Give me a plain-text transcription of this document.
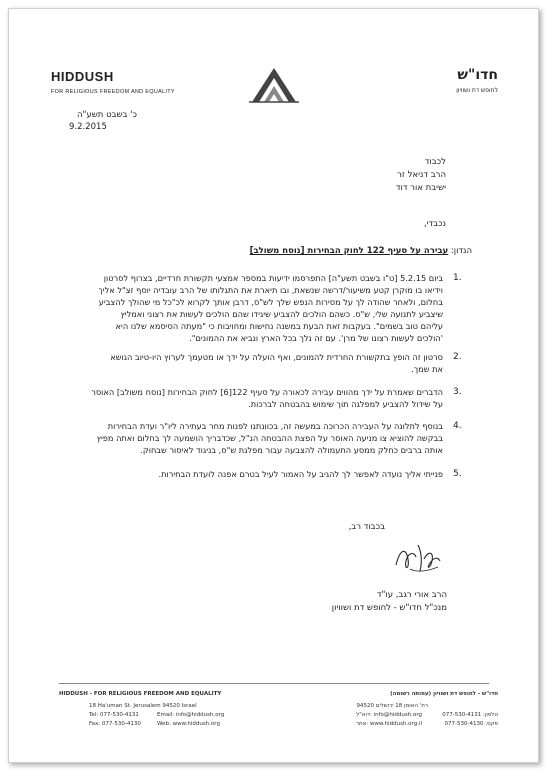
HIDDUSH
FOR RELIGIOUS FREEDOM AND EQUALITY
חדו"ש
לחופש דת ושוויון
כ' בשבט תשע"ה
9.2.2015
לכבוד
הרב דניאל זר
ישיבת אור דוד
נכבדי,
הנדון: עבירה על סעיף 122 לחוק הבחירות [נוסח משולב]
1.
ביום 5.2.15 [ט"ו בשבט תשע"ה] התפרסמו ידיעות במספר אמצעי תקשורת חרדיים, בצרוף לסרטון
וידיאו בו מוקרן קטע משיעור/דרשה שנשאת, ובו תיארת את התגלותו של הרב עובדיה יוסף זצ"ל אליך
בחלום, ולאחר שהודה לך על מסירות הנפש שלך לש"ס, דרבן אותך לקרוא לכ"כל מי שהולך להצביע
שיצביע לתנועה שלי, ש"ס. כשהם הולכים להצביע שיגידו שהם הולכים לעשות את רצוני ואמליץ
עליהם טוב בשמים". בעקבות זאת הבעת במשנה נחישות ומחויבות כי "מעתה הסיסמא שלנו היא
'הולכים לעשות רצונו של מרן'. עם זה נלך בכל הארץ ונביא את ההמונים".
2.
סרטון זה הופץ בתקשורת החרדית להמונים, ואף הועלה על ידך או מטעמך לערוץ היו-טיוב הנושא
את שמך.
3.
הדברים שאמרת על ידך מהווים עבירה לכאורה על סעיף 122[6] לחוק הבחירות [נוסח משולב] האוסר
על שידול להצביע למפלגה תוך שימוש בהבטחה לברכות.
4.
בנוסף לתלונה על העבירה הכרוכה במעשה זה, בכוונתנו לפנות מחר בעתירה ליו"ר ועדת הבחירות
בבקשה להוציא צו מניעה האוסר על הפצת ההבטחה הנ"ל, שכדבריך הושמעה לך בחלום ואתה מפיץ
אותה ברבים כחלק ממסע התעמולה להצבעה עבור מפלגת ש"ס, בניגוד לאיסור שבחוק.
5.
פנייתי אליך נועדה לאפשר לך להגיב על האמור לעיל בטרם אפנה לועדת הבחירות.
בכבוד רב,
הרב אורי רגב, עו"ד
מנכ"ל חדו"ש - לחופש דת ושוויון
HIDDUSH - FOR RELIGIOUS FREEDOM AND EQUALITY
18 Ha'uman St. Jerusalem 94520 Israel
Tel: 077-530-4131
Fax: 077-530-4130
Email: info@hiddush.org
Web: www.hiddush.org
חדו"ש - לחופש דת ושוויון (עמותה רשומה)
רח' האומן 18 ירושלים 94520
info@hiddush.org :דוא"ל
www.hiddush.org.il :אתר
טלפון: 077-530-4131
פקס: 077-530-4130
